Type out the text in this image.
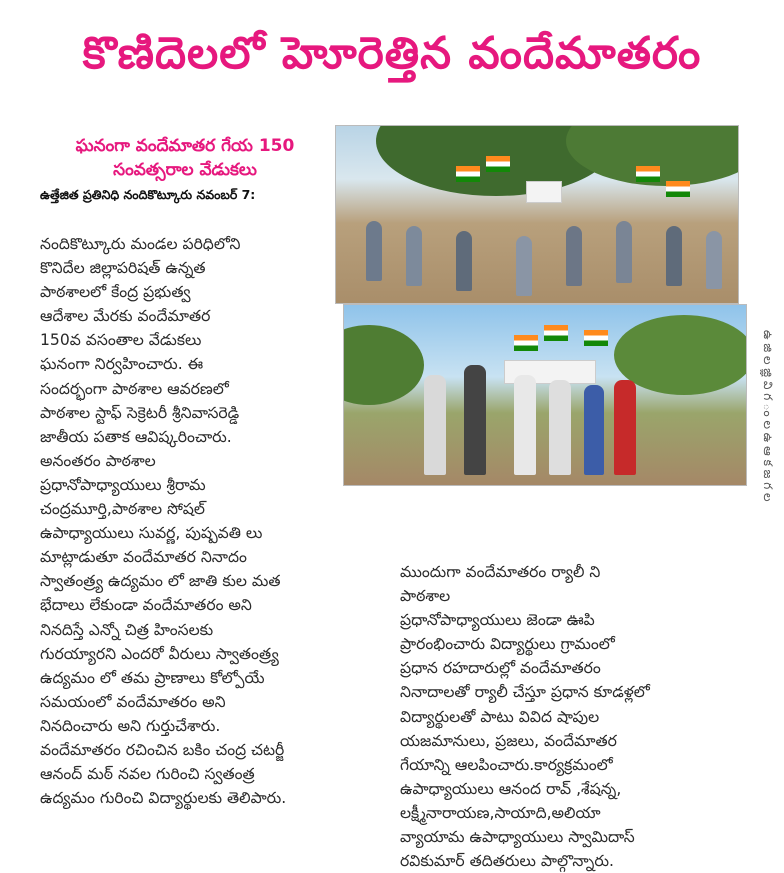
కొణిదెలలో హెూరెత్తిన వందేమాతరం
ఘనంగా వందేమాతర గేయ 150
సంవత్సరాల వేడుకలు
ఉత్తేజిత ప్రతినిధి నందికొట్కూరు నవంబర్ 7:
నందికొట్కూరు మండల పరిధిలోని
కొనిదేల జిల్లాపరిషత్ ఉన్నత
పాఠశాలలో కేంద్ర ప్రభుత్వ
ఆదేశాల మేరకు వందేమాతర
150వ వసంతాల వేడుకలు
ఘనంగా నిర్వహించారు. ఈ
సందర్భంగా పాఠశాల ఆవరణలో
పాఠశాల స్టాఫ్ సెక్రెటరీ శ్రీనివాసరెడ్డి
జాతీయ పతాక ఆవిష్కరించారు.
అనంతరం పాఠశాల
ప్రధానోపాధ్యాయులు శ్రీరామ
చంద్రమూర్తి,పాఠశాల సోషల్
ఉపాధ్యాయులు సువర్ణ, పుష్పవతి లు
మాట్లాడుతూ వందేమాతర నినాదం
స్వాతంత్ర్య ఉద్యమం లో జాతి కుల మత
భేదాలు లేకుండా వందేమాతరం అని
నినదిస్తే ఎన్నో చిత్ర హింసలకు
గురయ్యారని ఎందరో వీరులు స్వాతంత్ర్య
ఉద్యమం లో తమ ప్రాణాలు కోల్పోయే
సమయంలో వందేమాతరం అని
నినదించారు అని గుర్తుచేశారు.
వందేమాతరం రచించిన బకిం చంద్ర చటర్జీ
ఆనంద్ మఠ్ నవల గురించి స్వతంత్ర
ఉద్యమం గురించి విద్యార్థులకు తెలిపారు.
ముందుగా వందేమాతరం ర్యాలీ ని
పాఠశాల
ప్రధానోపాధ్యాయులు జెండా ఊపి
ప్రారంభించారు విద్యార్థులు గ్రామంలో
ప్రధాన రహదారుల్లో వందేమాతరం
నినాదాలతో ర్యాలీ చేస్తూ ప్రధాన కూడళ్లలో
విద్యార్థులతో పాటు వివిద షాపుల
యజమానులు, ప్రజలు, వందేమాతర
గేయాన్ని ఆలపించారు.కార్యక్రమంలో
ఉపాధ్యాయులు ఆనంద రావ్ ,శేషన్న,
లక్ష్మీనారాయణ,సాయాది,అలియా
వ్యాయామ ఉపాధ్యాయులు స్వామిదాస్
రవికుమార్ తదితరులు పాల్గొన్నారు.
ఉ జి ల జ్ఞి వి గ ం ల ఉ ఆ క జ గ ల
